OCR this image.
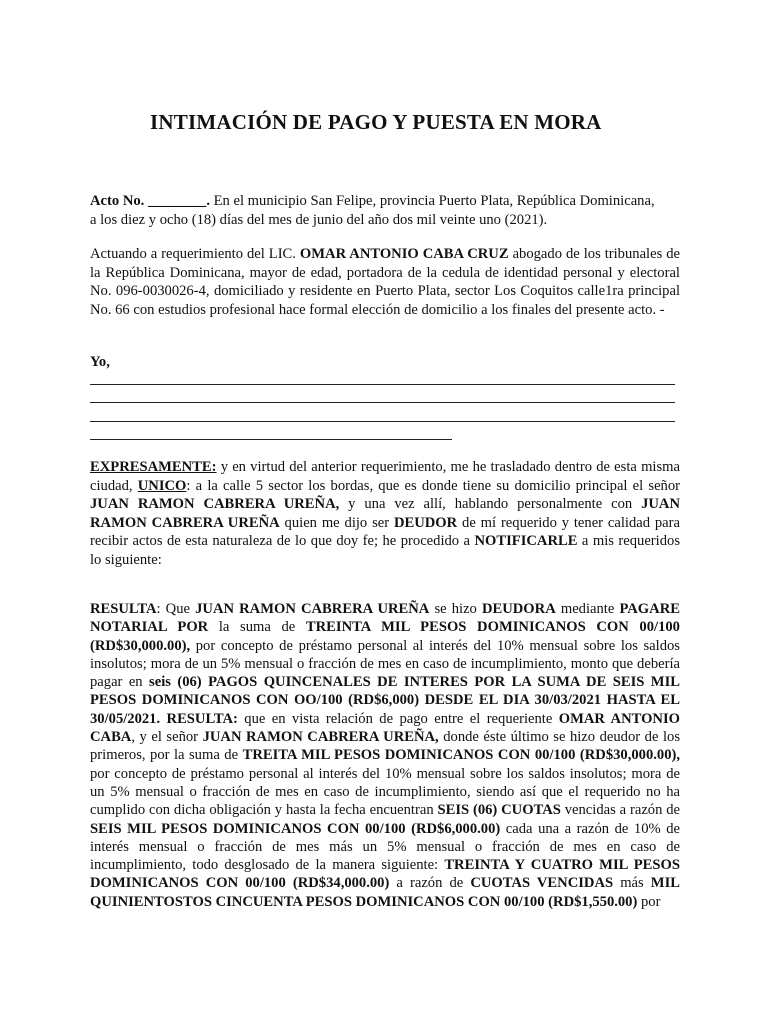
INTIMACIÓN DE PAGO Y PUESTA EN MORA

Acto No. ________. En el municipio San Felipe, provincia Puerto Plata, República Dominicana,

a los diez y ocho (18) días del mes de junio del año dos mil veinte uno (2021).

Actuando a requerimiento del LIC. OMAR ANTONIO CABA CRUZ abogado de los tribunales de la República Dominicana, mayor de edad, portadora de la cedula de identidad personal y electoral No. 096-0030026-4, domiciliado y residente en Puerto Plata, sector Los Coquitos calle1ra principal No. 66 con estudios profesional hace formal elección de domicilio a los finales del presente acto. -

Yo,

EXPRESAMENTE: y en virtud del anterior requerimiento, me he trasladado dentro de esta misma ciudad, UNICO: a la calle 5 sector los bordas, que es donde tiene su domicilio principal el señor JUAN RAMON CABRERA UREÑA, y una vez allí, hablando personalmente con JUAN RAMON CABRERA UREÑA quien me dijo ser DEUDOR de mí requerido y tener calidad para recibir actos de esta naturaleza de lo que doy fe; he procedido a NOTIFICARLE a mis requeridos lo siguiente:

RESULTA: Que JUAN RAMON CABRERA UREÑA se hizo DEUDORA mediante PAGARE NOTARIAL POR la suma de TREINTA MIL PESOS DOMINICANOS CON 00/100 (RD$30,000.00), por concepto de préstamo personal al interés del 10% mensual sobre los saldos insolutos; mora de un 5% mensual o fracción de mes en caso de incumplimiento, monto que debería pagar en seis (06) PAGOS QUINCENALES DE INTERES POR LA SUMA DE SEIS MIL PESOS DOMINICANOS CON OO/100 (RD$6,000) DESDE EL DIA 30/03/2021 HASTA EL 30/05/2021. RESULTA: que en vista relación de pago entre el requeriente OMAR ANTONIO CABA, y el señor JUAN RAMON CABRERA UREÑA, donde éste último se hizo deudor de los primeros, por la suma de TREITA MIL PESOS DOMINICANOS CON 00/100 (RD$30,000.00), por concepto de préstamo personal al interés del 10% mensual sobre los saldos insolutos; mora de un 5% mensual o fracción de mes en caso de incumplimiento, siendo así que el requerido no ha cumplido con dicha obligación y hasta la fecha encuentran SEIS (06) CUOTAS vencidas a razón de SEIS MIL PESOS DOMINICANOS CON 00/100 (RD$6,000.00) cada una a razón de 10% de interés mensual o fracción de mes más un 5% mensual o fracción de mes en caso de incumplimiento, todo desglosado de la manera siguiente: TREINTA Y CUATRO MIL PESOS DOMINICANOS CON 00/100 (RD$34,000.00) a razón de CUOTAS VENCIDAS más MIL QUINIENTOSTOS CINCUENTA PESOS DOMINICANOS CON 00/100 (RD$1,550.00) por
